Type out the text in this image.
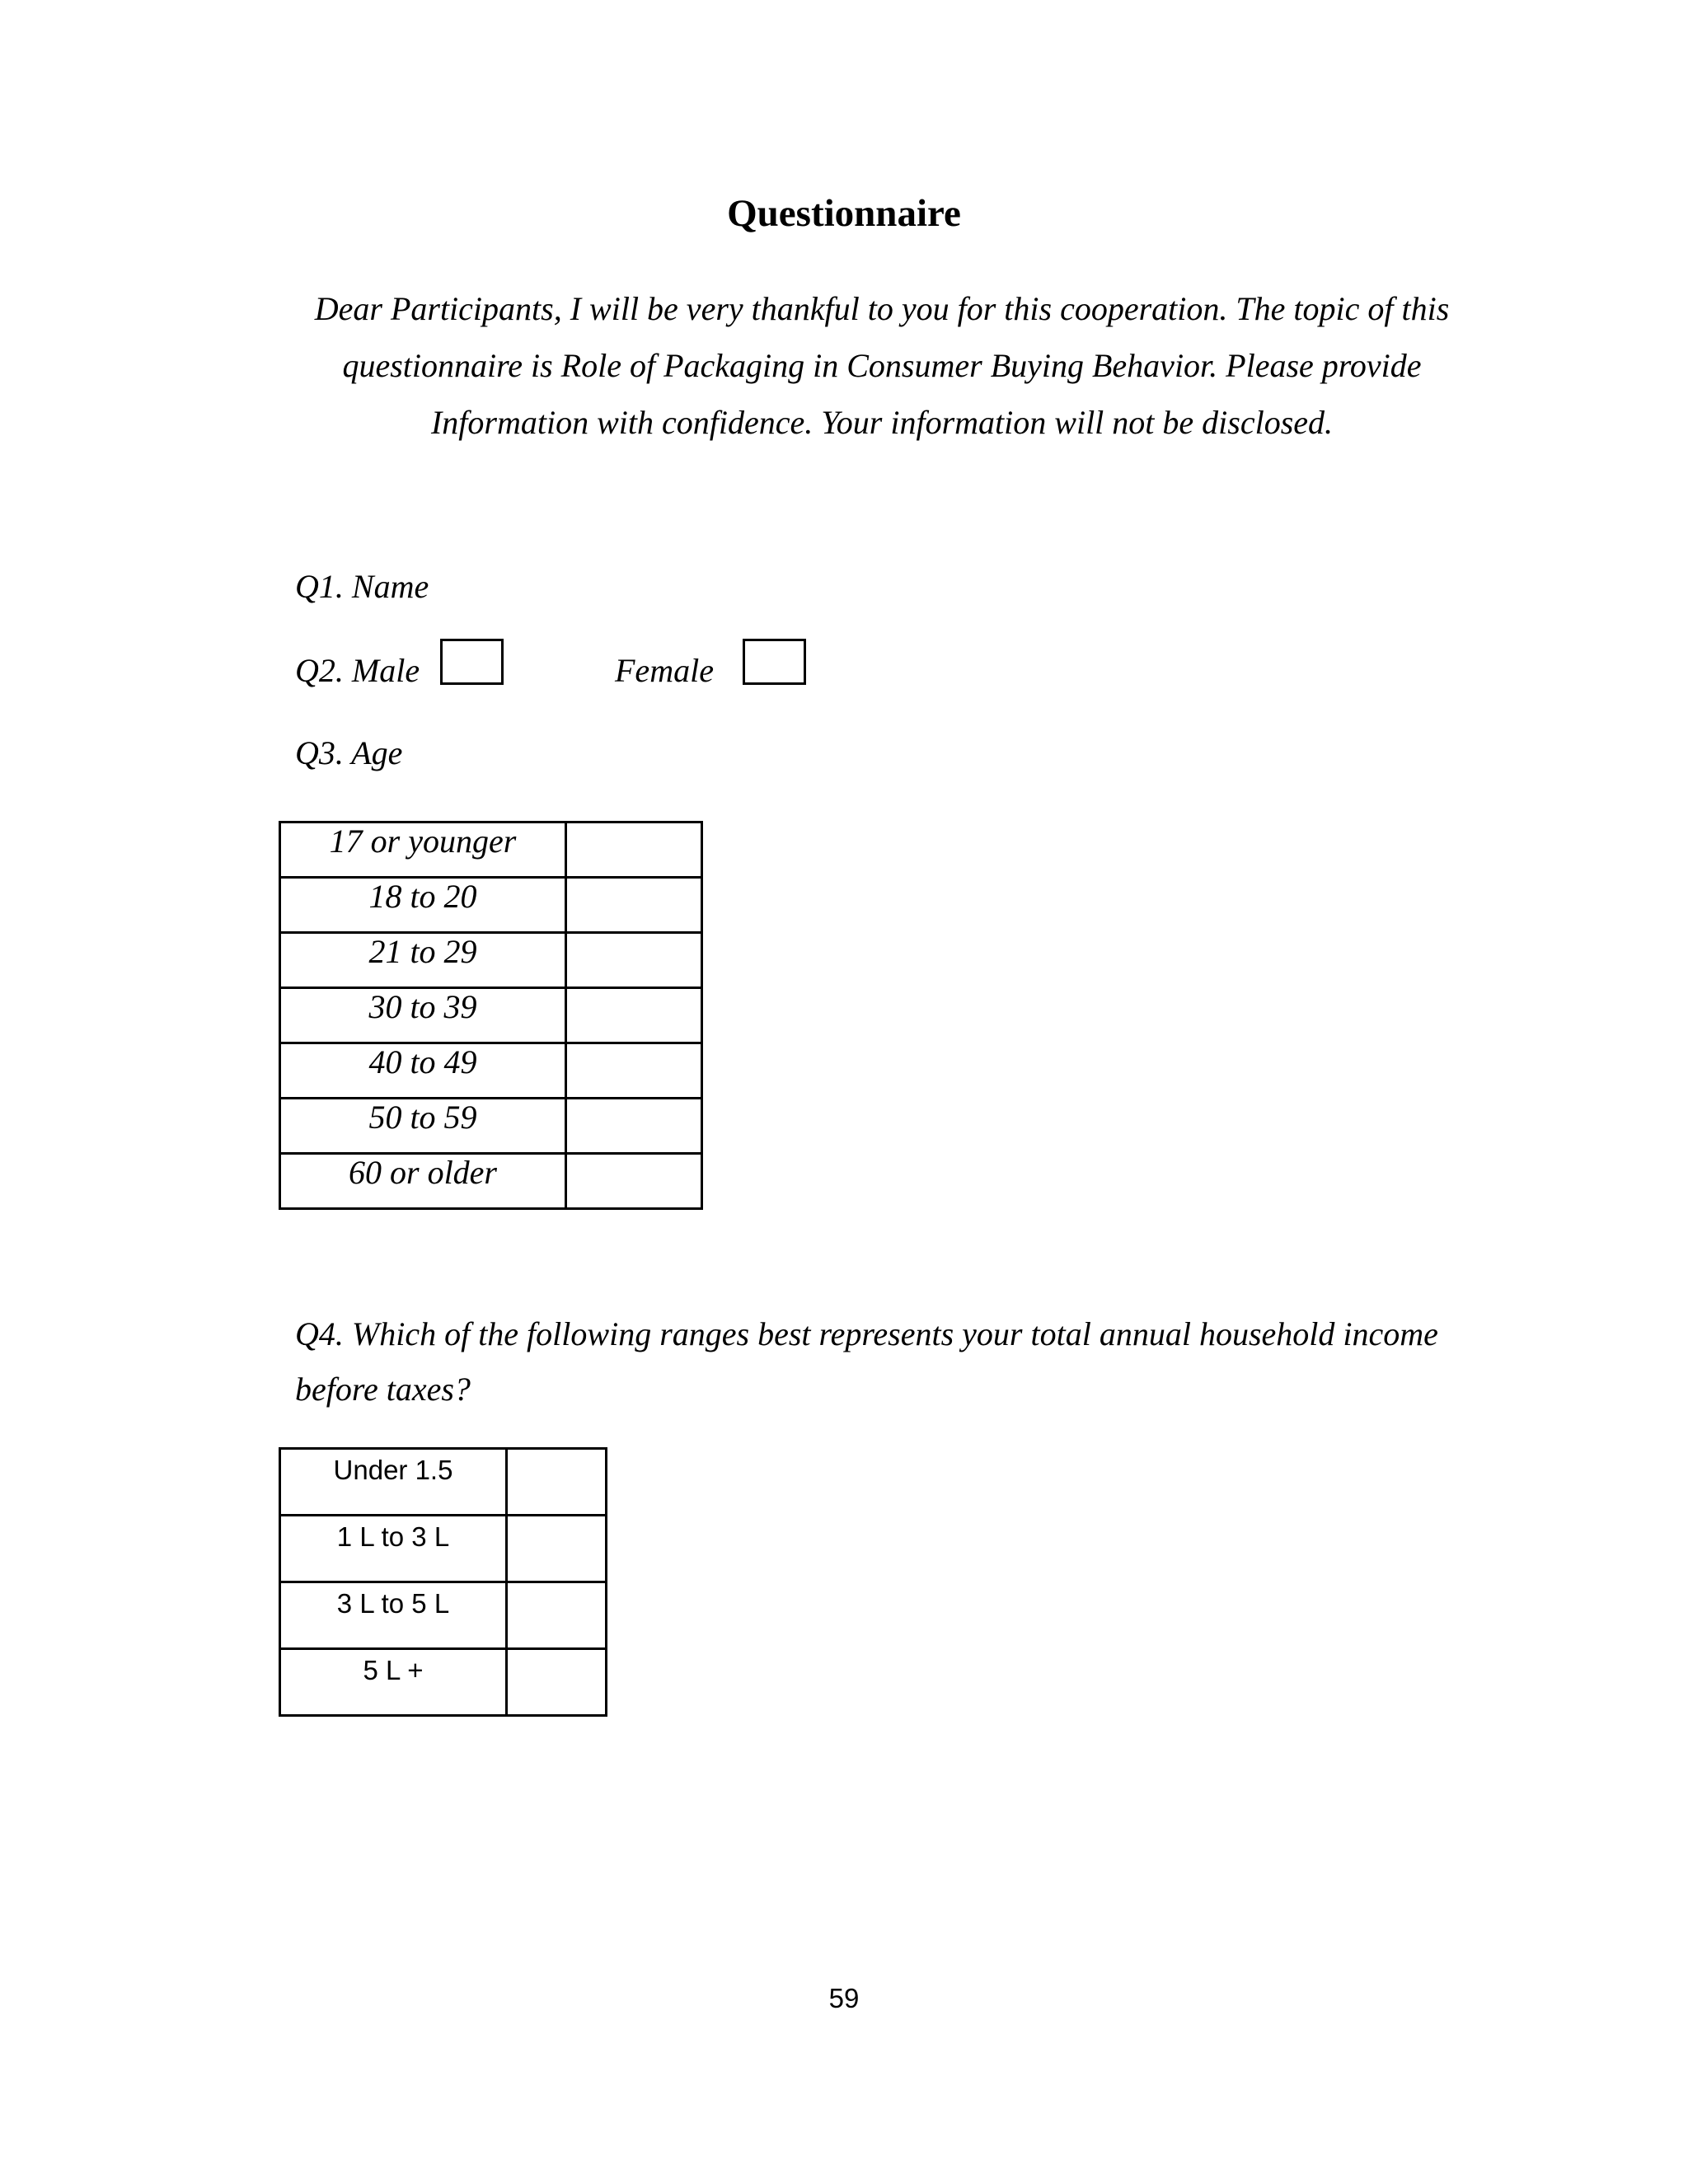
Questionnaire
Dear Participants, I will be very thankful to you for this cooperation. The topic of this questionnaire is Role of Packaging in Consumer Buying Behavior. Please provide Information with confidence. Your information will not be disclosed.
Q1. Name
Q2. Male	Female
Q3. Age
17 or younger	
18 to 20	
21 to 29	
30 to 39	
40 to 49	
50 to 59	
60 or older	
Q4. Which of the following ranges best represents your total annual household income before taxes?
Under 1.5	
1 L to 3 L	
3 L to 5 L	
5 L +	
59
